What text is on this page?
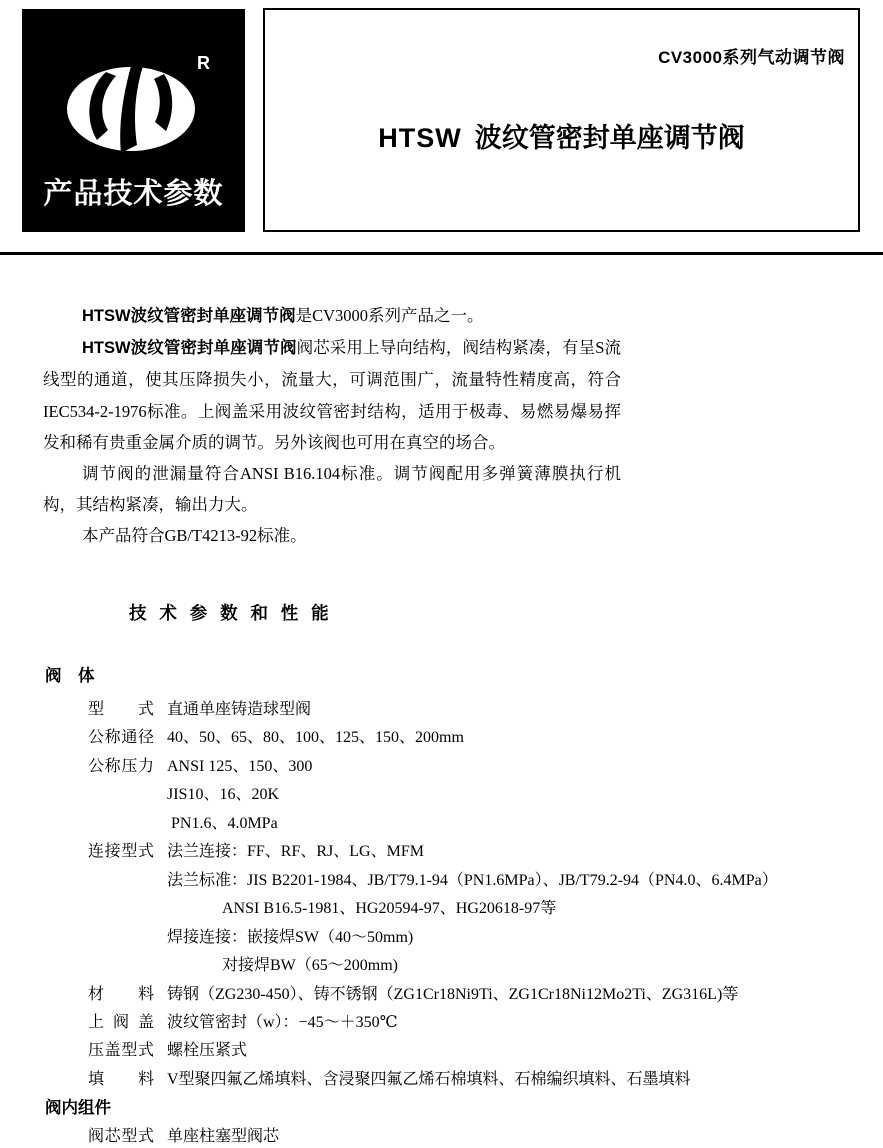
R
产品技术参数
CV3000系列气动调节阀
HTSW 波纹管密封单座调节阀

HTSW波纹管密封单座调节阀是CV3000系列产品之一。

HTSW波纹管密封单座调节阀阀芯采用上导向结构，阀结构紧凑，有呈S流线型的通道，使其压降损失小，流量大，可调范围广，流量特性精度高，符合IEC534-2-1976标准。上阀盖采用波纹管密封结构，适用于极毒、易燃易爆易挥发和稀有贵重金属介质的调节。另外该阀也可用在真空的场合。

调节阀的泄漏量符合ANSI B16.104标准。调节阀配用多弹簧薄膜执行机构，其结构紧凑，输出力大。

本产品符合GB/T4213-92标准。

技 术 参 数 和 性 能
阀　体
型 式 直通单座铸造球型阀
公称通径 40、50、65、80、100、125、150、200mm
公称压力 ANSI 125、150、300
JIS10、16、20K
PN1.6、4.0MPa
连接型式 法兰连接：FF、RF、RJ、LG、MFM
法兰标准：JIS B2201-1984、JB/T79.1-94（PN1.6MPa）、JB/T79.2-94（PN4.0、6.4MPa）
ANSI B16.5-1981、HG20594-97、HG20618-97等
焊接连接：嵌接焊SW（40～50mm)
对接焊BW（65～200mm)
材 料 铸钢（ZG230-450）、铸不锈钢（ZG1Cr18Ni9Ti、ZG1Cr18Ni12Mo2Ti、ZG316L)等
上 阀 盖 波纹管密封（w）：−45～＋350℃
压盖型式 螺栓压紧式
填 料 V型聚四氟乙烯填料、含浸聚四氟乙烯石棉填料、石棉编织填料、石墨填料
阀内组件
阀芯型式 单座柱塞型阀芯
